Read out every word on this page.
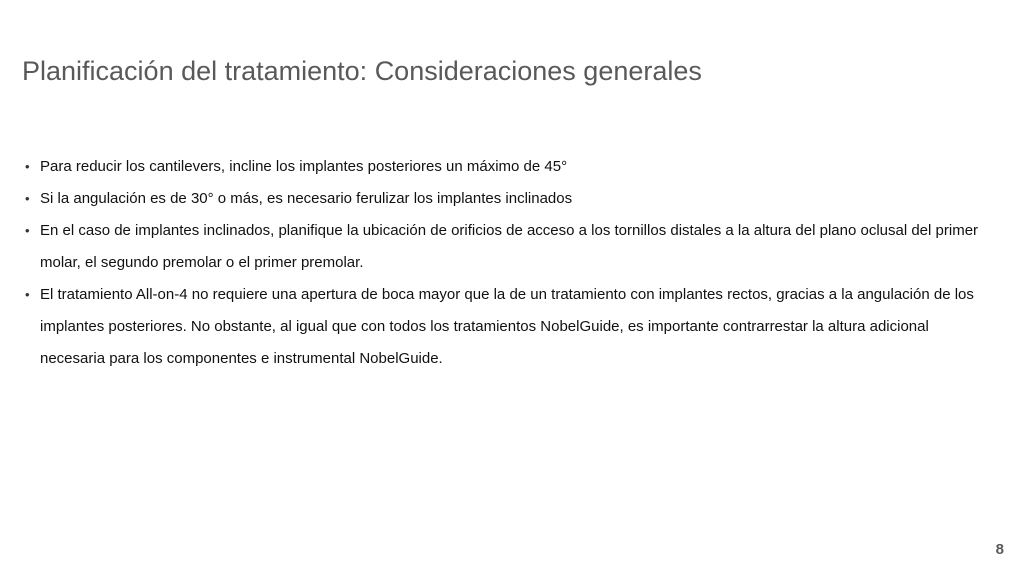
Planificación del tratamiento: Consideraciones generales
• Para reducir los cantilevers, incline los implantes posteriores un máximo de 45°
• Si la angulación es de 30° o más, es necesario ferulizar los implantes inclinados
• En el caso de implantes inclinados, planifique la ubicación de orificios de acceso a los tornillos distales a la altura del plano oclusal del primer molar, el segundo premolar o el primer premolar.
• El tratamiento All-on-4 no requiere una apertura de boca mayor que la de un tratamiento con implantes rectos, gracias a la angulación de los implantes posteriores. No obstante, al igual que con todos los tratamientos NobelGuide, es importante contrarrestar la altura adicional necesaria para los componentes e instrumental NobelGuide.
8
